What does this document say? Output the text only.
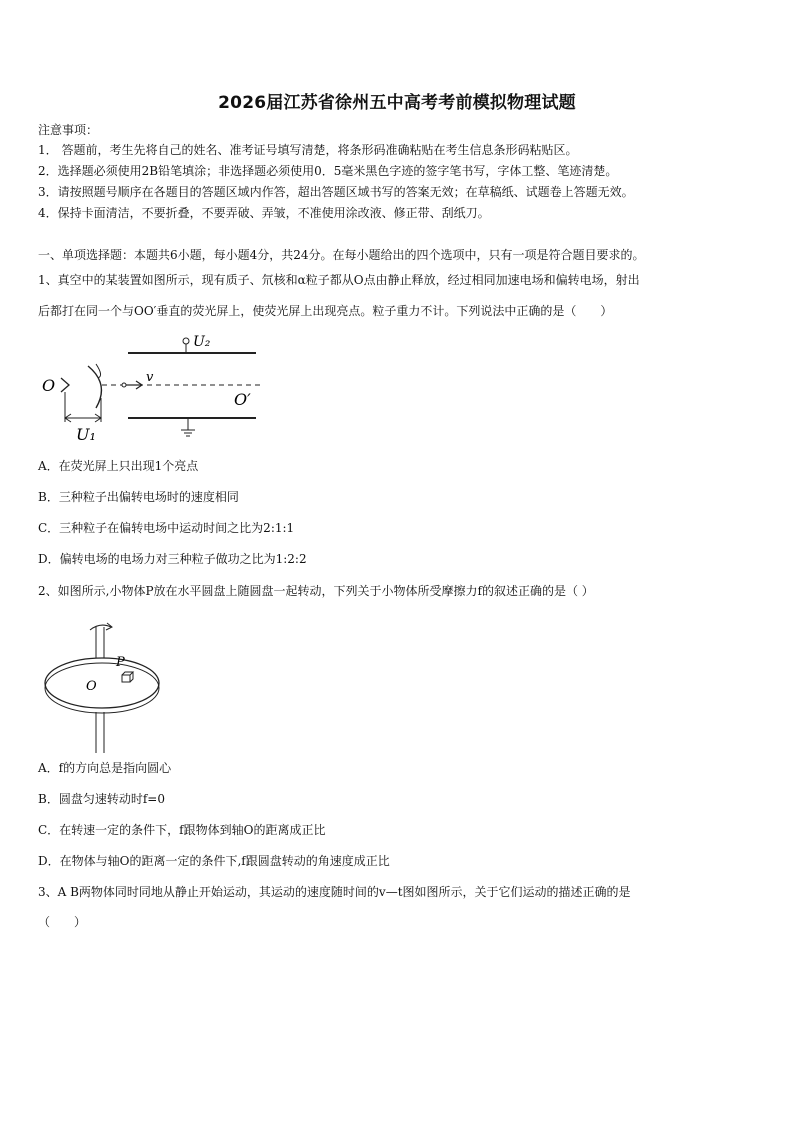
2026届江苏省徐州五中高考考前模拟物理试题
注意事项：
1． 答题前，考生先将自己的姓名、准考证号填写清楚，将条形码准确粘贴在考生信息条形码粘贴区。
2．选择题必须使用2B铅笔填涂；非选择题必须使用0．5毫米黑色字迹的签字笔书写，字体工整、笔迹清楚。
3．请按照题号顺序在各题目的答题区域内作答，超出答题区域书写的答案无效；在草稿纸、试题卷上答题无效。
4．保持卡面清洁，不要折叠，不要弄破、弄皱，不准使用涂改液、修正带、刮纸刀。
一、单项选择题：本题共6小题，每小题4分，共24分。在每小题给出的四个选项中，只有一项是符合题目要求的。
1、真空中的某装置如图所示，现有质子、氘核和α粒子都从O点由静止释放，经过相同加速电场和偏转电场，射出
后都打在同一个与OO′垂直的荧光屏上，使荧光屏上出现亮点。粒子重力不计。下列说法中正确的是（　　）
U₂
O	v
O′
U₁
A．在荧光屏上只出现1个亮点
B．三种粒子出偏转电场时的速度相同
C．三种粒子在偏转电场中运动时间之比为2:1:1
D．偏转电场的电场力对三种粒子做功之比为1:2:2
2、如图所示,小物体P放在水平圆盘上随圆盘一起转动，下列关于小物体所受摩擦力f的叙述正确的是（ ）
P
O
A．f的方向总是指向圆心
B．圆盘匀速转动时f=0
C．在转速一定的条件下，f跟物体到轴O的距离成正比
D．在物体与轴O的距离一定的条件下,f跟圆盘转动的角速度成正比
3、A B两物体同时同地从静止开始运动，其运动的速度随时间的v—t图如图所示，关于它们运动的描述正确的是
（　　）
